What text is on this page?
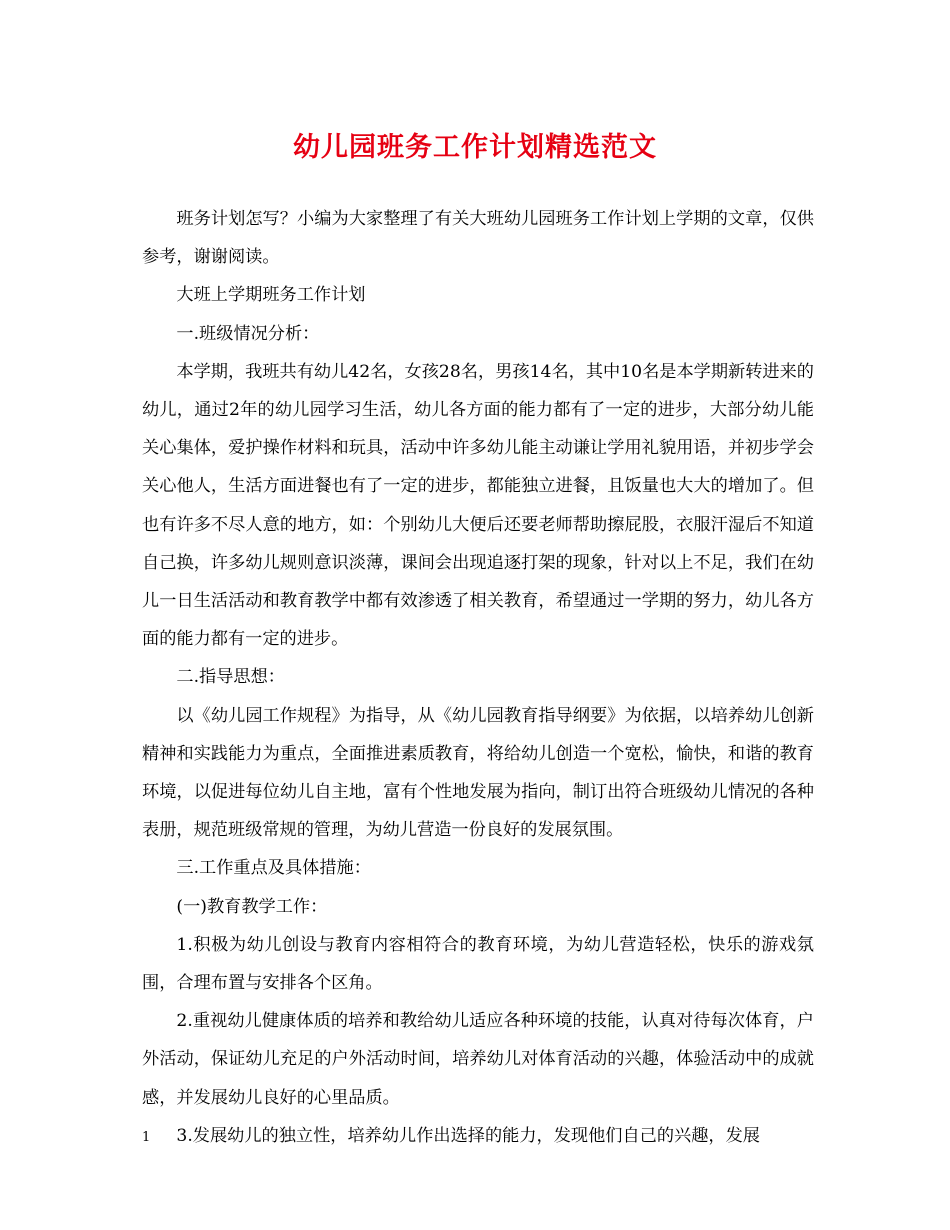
幼儿园班务工作计划精选范文

班务计划怎写？小编为大家整理了有关大班幼儿园班务工作计划上学期的文章，仅供参考，谢谢阅读。

大班上学期班务工作计划

一.班级情况分析：

本学期，我班共有幼儿42名，女孩28名，男孩14名，其中10名是本学期新转进来的幼儿，通过2年的幼儿园学习生活，幼儿各方面的能力都有了一定的进步，大部分幼儿能关心集体，爱护操作材料和玩具，活动中许多幼儿能主动谦让学用礼貌用语，并初步学会关心他人，生活方面进餐也有了一定的进步，都能独立进餐，且饭量也大大的增加了。但也有许多不尽人意的地方，如：个别幼儿大便后还要老师帮助擦屁股，衣服汗湿后不知道自己换，许多幼儿规则意识淡薄，课间会出现追逐打架的现象，针对以上不足，我们在幼儿一日生活活动和教育教学中都有效渗透了相关教育，希望通过一学期的努力，幼儿各方面的能力都有一定的进步。

二.指导思想：

以《幼儿园工作规程》为指导，从《幼儿园教育指导纲要》为依据，以培养幼儿创新精神和实践能力为重点，全面推进素质教育，将给幼儿创造一个宽松，愉快，和谐的教育环境，以促进每位幼儿自主地，富有个性地发展为指向，制订出符合班级幼儿情况的各种表册，规范班级常规的管理，为幼儿营造一份良好的发展氛围。

三.工作重点及具体措施：

(一)教育教学工作：

1.积极为幼儿创设与教育内容相符合的教育环境，为幼儿营造轻松，快乐的游戏氛围，合理布置与安排各个区角。

2.重视幼儿健康体质的培养和教给幼儿适应各种环境的技能，认真对待每次体育，户外活动，保证幼儿充足的户外活动时间，培养幼儿对体育活动的兴趣，体验活动中的成就感，并发展幼儿良好的心里品质。

3.发展幼儿的独立性，培养幼儿作出选择的能力，发现他们自己的兴趣，发展

1
